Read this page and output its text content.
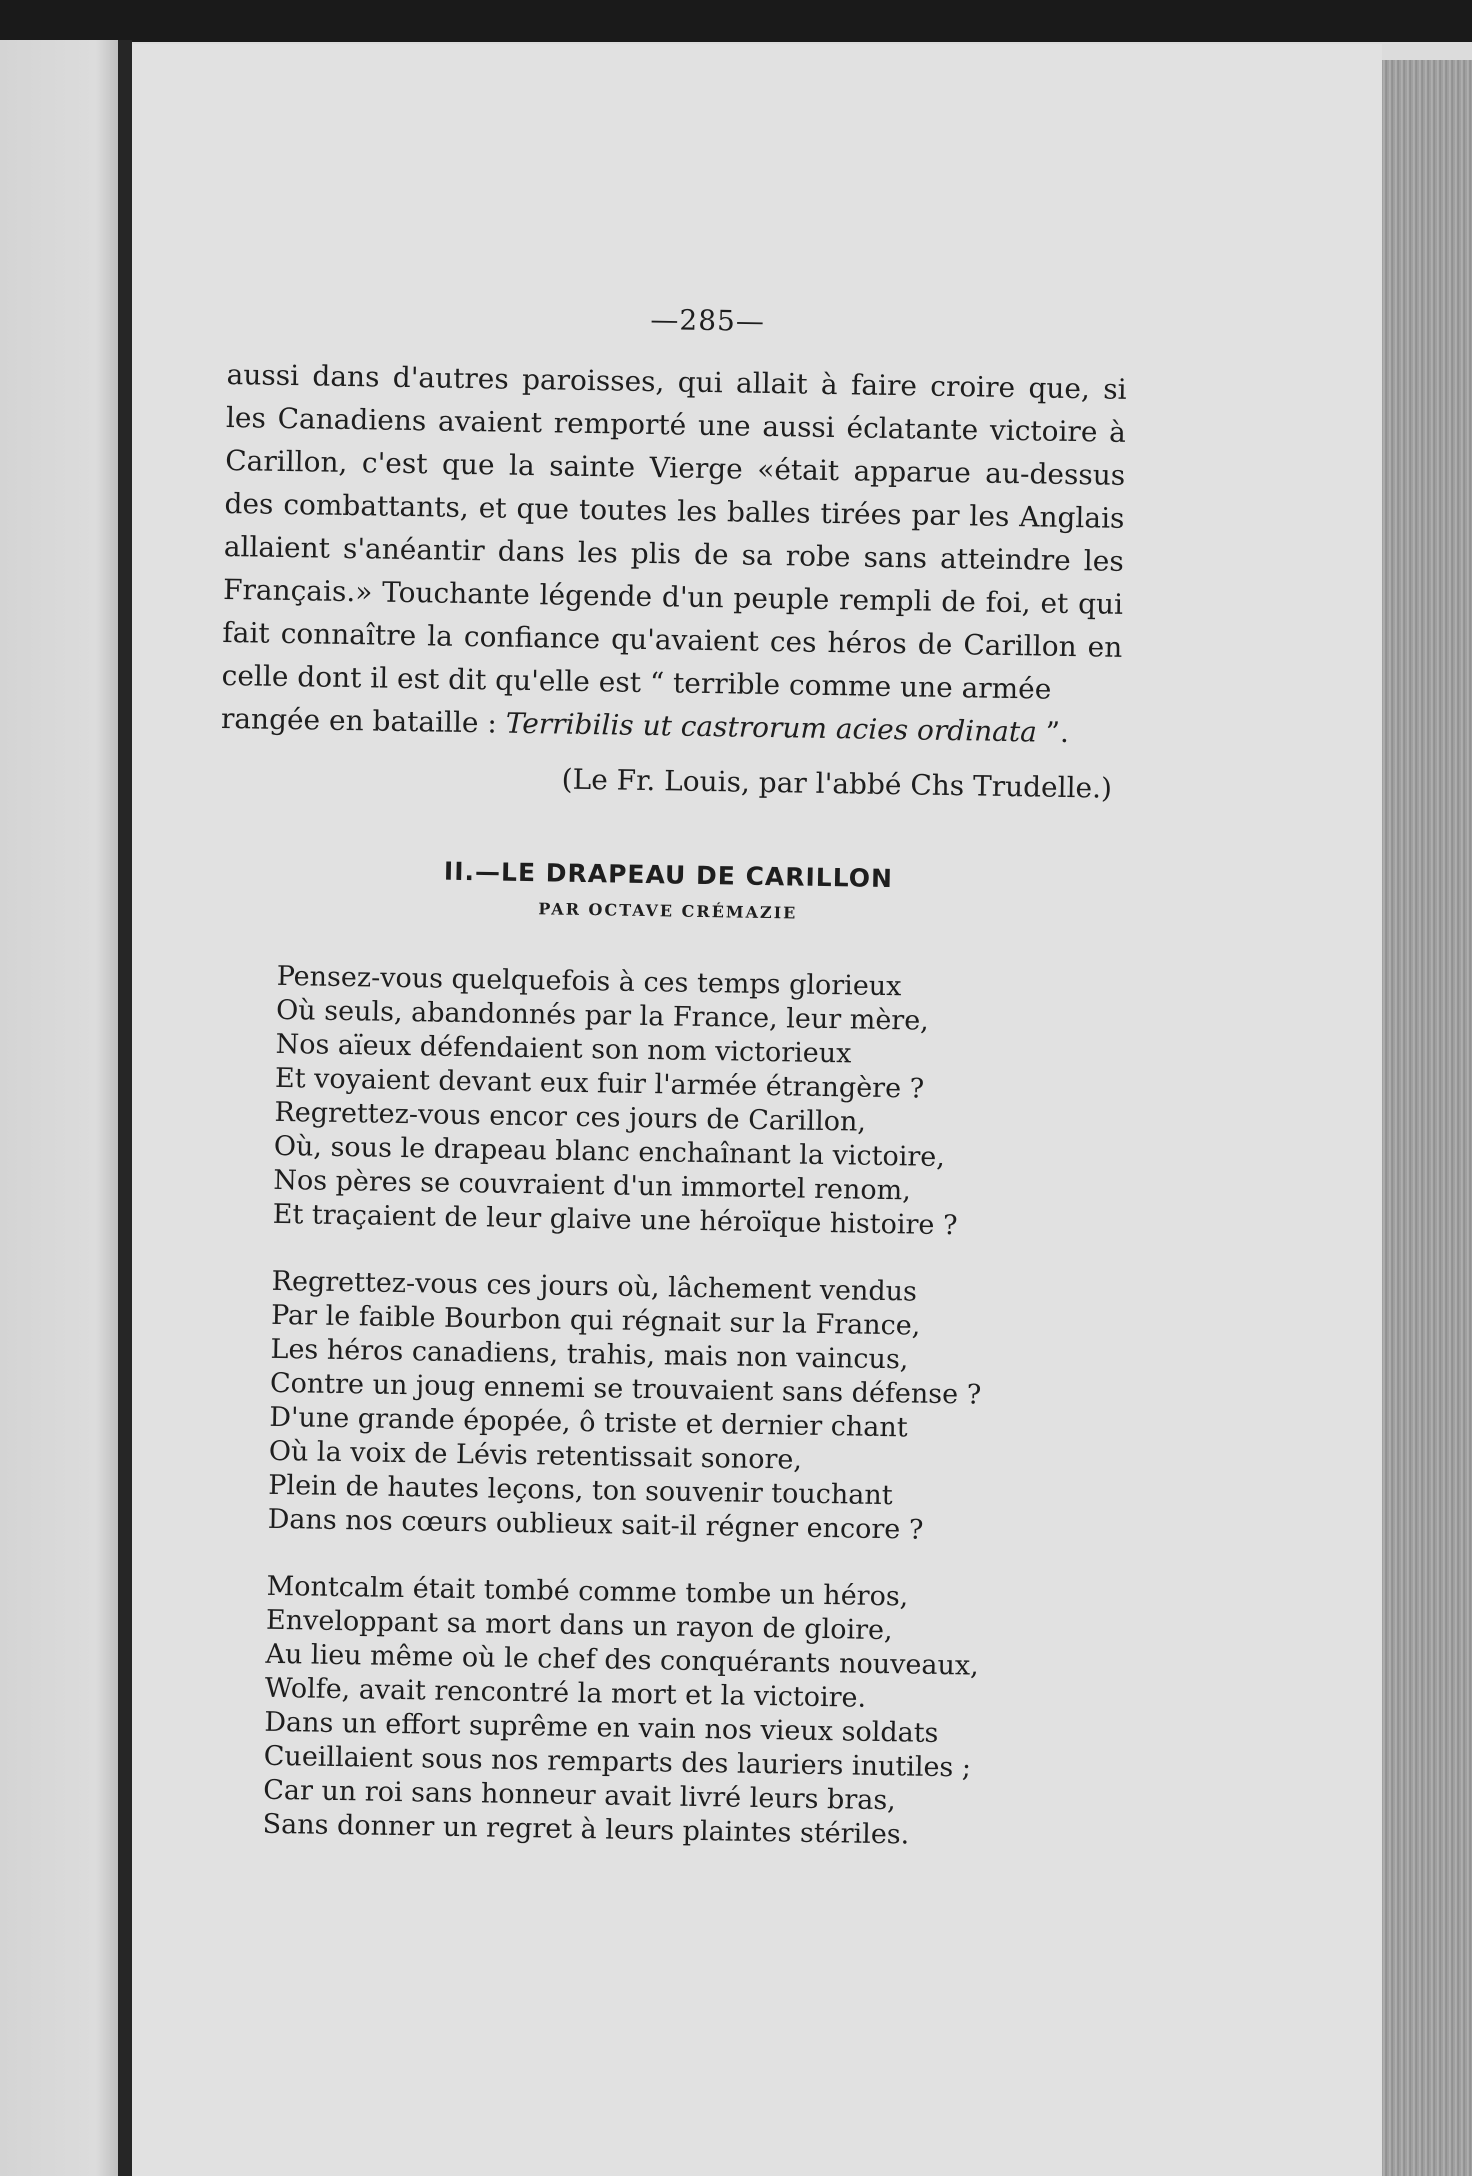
—285—

aussi dans d'autres paroisses, qui allait à faire croire que, si les Canadiens avaient remporté une aussi éclatante victoire à Carillon, c'est que la sainte Vierge «était apparue au-dessus des combattants, et que toutes les balles tirées par les Anglais allaient s'anéantir dans les plis de sa robe sans atteindre les Français.» Touchante légende d'un peuple rempli de foi, et qui fait connaître la confiance qu'avaient ces héros de Carillon en celle dont il est dit qu'elle est “ terrible comme une armée

rangée en bataille : Terribilis ut castrorum acies ordinata ”.

(Le Fr. Louis, par l'abbé Chs Trudelle.)
II.—LE DRAPEAU DE CARILLON
PAR OCTAVE CRÉMAZIE
Pensez-vous quelquefois à ces temps glorieux
Où seuls, abandonnés par la France, leur mère,
Nos aïeux défendaient son nom victorieux
Et voyaient devant eux fuir l'armée étrangère ?
Regrettez-vous encor ces jours de Carillon,
Où, sous le drapeau blanc enchaînant la victoire,
Nos pères se couvraient d'un immortel renom,
Et traçaient de leur glaive une héroïque histoire ?
Regrettez-vous ces jours où, lâchement vendus
Par le faible Bourbon qui régnait sur la France,
Les héros canadiens, trahis, mais non vaincus,
Contre un joug ennemi se trouvaient sans défense ?
D'une grande épopée, ô triste et dernier chant
Où la voix de Lévis retentissait sonore,
Plein de hautes leçons, ton souvenir touchant
Dans nos cœurs oublieux sait-il régner encore ?
Montcalm était tombé comme tombe un héros,
Enveloppant sa mort dans un rayon de gloire,
Au lieu même où le chef des conquérants nouveaux,
Wolfe, avait rencontré la mort et la victoire.
Dans un effort suprême en vain nos vieux soldats
Cueillaient sous nos remparts des lauriers inutiles ;
Car un roi sans honneur avait livré leurs bras,
Sans donner un regret à leurs plaintes stériles.
